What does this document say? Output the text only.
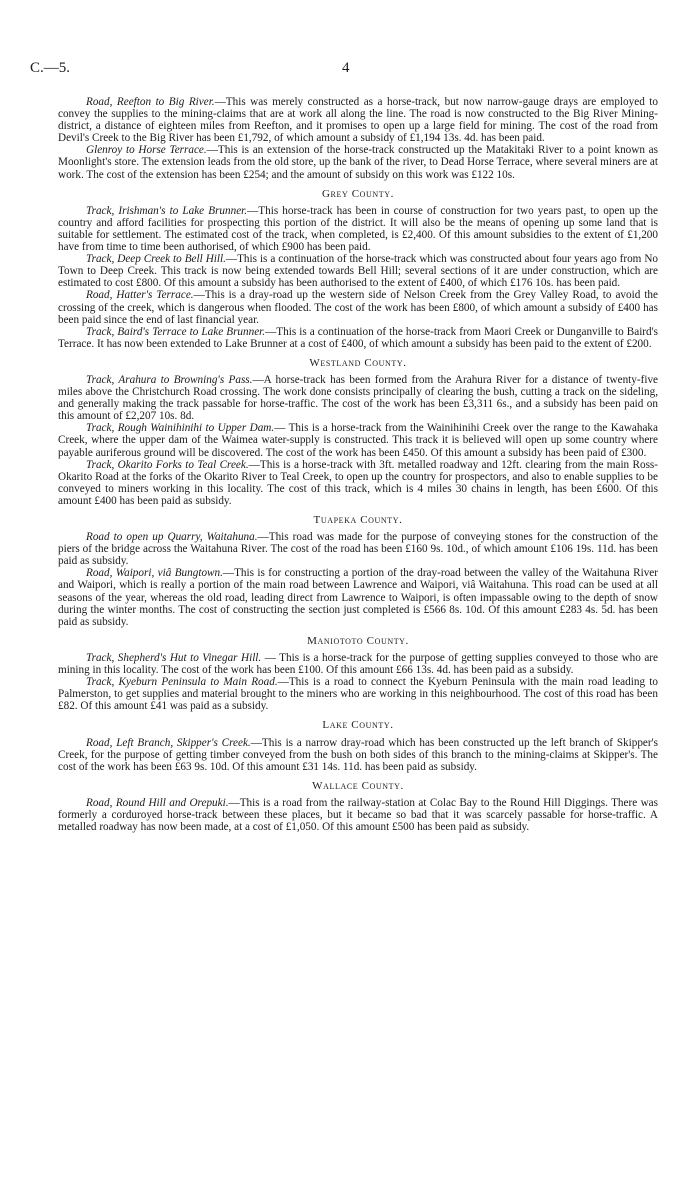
C.—5.	4

Road, Reefton to Big River.—This was merely constructed as a horse-track, but now narrow-gauge drays are employed to convey the supplies to the mining-claims that are at work all along the line. The road is now constructed to the Big River Mining-district, a distance of eighteen miles from Reefton, and it promises to open up a large field for mining. The cost of the road from Devil's Creek to the Big River has been £1,792, of which amount a subsidy of £1,194 13s. 4d. has been paid.

Glenroy to Horse Terrace.—This is an extension of the horse-track constructed up the Matakitaki River to a point known as Moonlight's store. The extension leads from the old store, up the bank of the river, to Dead Horse Terrace, where several miners are at work. The cost of the extension has been £254; and the amount of subsidy on this work was £122 10s.

Grey County.

Track, Irishman's to Lake Brunner.—This horse-track has been in course of construction for two years past, to open up the country and afford facilities for prospecting this portion of the district. It will also be the means of opening up some land that is suitable for settlement. The estimated cost of the track, when completed, is £2,400. Of this amount subsidies to the extent of £1,200 have from time to time been authorised, of which £900 has been paid.

Track, Deep Creek to Bell Hill.—This is a continuation of the horse-track which was constructed about four years ago from No Town to Deep Creek. This track is now being extended towards Bell Hill; several sections of it are under construction, which are estimated to cost £800. Of this amount a subsidy has been authorised to the extent of £400, of which £176 10s. has been paid.

Road, Hatter's Terrace.—This is a dray-road up the western side of Nelson Creek from the Grey Valley Road, to avoid the crossing of the creek, which is dangerous when flooded. The cost of the work has been £800, of which amount a subsidy of £400 has been paid since the end of last financial year.

Track, Baird's Terrace to Lake Brunner.—This is a continuation of the horse-track from Maori Creek or Dunganville to Baird's Terrace. It has now been extended to Lake Brunner at a cost of £400, of which amount a subsidy has been paid to the extent of £200.

Westland County.

Track, Arahura to Browning's Pass.—A horse-track has been formed from the Arahura River for a distance of twenty-five miles above the Christchurch Road crossing. The work done consists principally of clearing the bush, cutting a track on the sideling, and generally making the track passable for horse-traffic. The cost of the work has been £3,311 6s., and a subsidy has been paid on this amount of £2,207 10s. 8d.

Track, Rough Wainihinihi to Upper Dam.— This is a horse-track from the Wainihinihi Creek over the range to the Kawahaka Creek, where the upper dam of the Waimea water-supply is constructed. This track it is believed will open up some country where payable auriferous ground will be discovered. The cost of the work has been £450. Of this amount a subsidy has been paid of £300.

Track, Okarito Forks to Teal Creek.—This is a horse-track with 3ft. metalled roadway and 12ft. clearing from the main Ross-Okarito Road at the forks of the Okarito River to Teal Creek, to open up the country for prospectors, and also to enable supplies to be conveyed to miners working in this locality. The cost of this track, which is 4 miles 30 chains in length, has been £600. Of this amount £400 has been paid as subsidy.

Tuapeka County.

Road to open up Quarry, Waitahuna.—This road was made for the purpose of conveying stones for the construction of the piers of the bridge across the Waitahuna River. The cost of the road has been £160 9s. 10d., of which amount £106 19s. 11d. has been paid as subsidy.

Road, Waipori, viâ Bungtown.—This is for constructing a portion of the dray-road between the valley of the Waitahuna River and Waipori, which is really a portion of the main road between Lawrence and Waipori, viâ Waitahuna. This road can be used at all seasons of the year, whereas the old road, leading direct from Lawrence to Waipori, is often impassable owing to the depth of snow during the winter months. The cost of constructing the section just completed is £566 8s. 10d. Of this amount £283 4s. 5d. has been paid as subsidy.

Maniototo County.

Track, Shepherd's Hut to Vinegar Hill. — This is a horse-track for the purpose of getting supplies conveyed to those who are mining in this locality. The cost of the work has been £100. Of this amount £66 13s. 4d. has been paid as a subsidy.

Track, Kyeburn Peninsula to Main Road.—This is a road to connect the Kyeburn Peninsula with the main road leading to Palmerston, to get supplies and material brought to the miners who are working in this neighbourhood. The cost of this road has been £82. Of this amount £41 was paid as a subsidy.

Lake County.

Road, Left Branch, Skipper's Creek.—This is a narrow dray-road which has been constructed up the left branch of Skipper's Creek, for the purpose of getting timber conveyed from the bush on both sides of this branch to the mining-claims at Skipper's. The cost of the work has been £63 9s. 10d. Of this amount £31 14s. 11d. has been paid as subsidy.

Wallace County.

Road, Round Hill and Orepuki.—This is a road from the railway-station at Colac Bay to the Round Hill Diggings. There was formerly a corduroyed horse-track between these places, but it became so bad that it was scarcely passable for horse-traffic. A metalled roadway has now been made, at a cost of £1,050. Of this amount £500 has been paid as subsidy.
